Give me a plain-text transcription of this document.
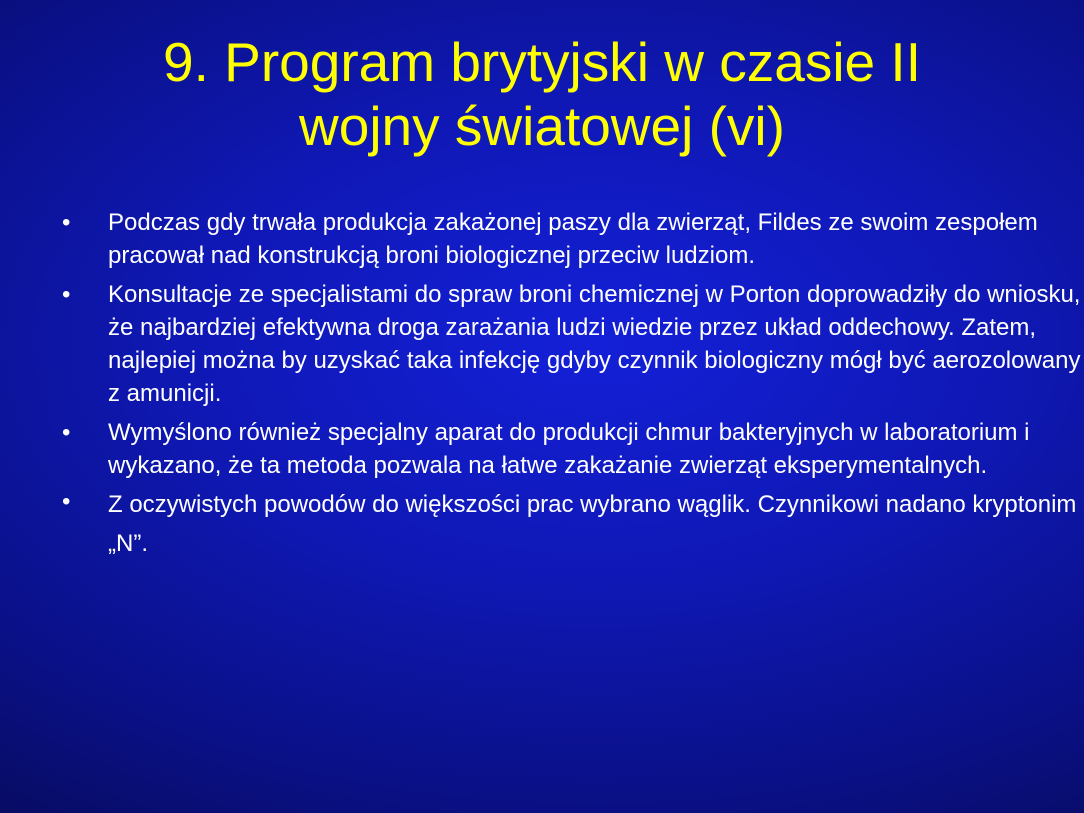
9. Program brytyjski w czasie II
wojny światowej (vi)
• Podczas gdy trwała produkcja zakażonej paszy dla zwierząt, Fildes ze swoim zespołem pracował nad konstrukcją broni biologicznej przeciw ludziom.
• Konsultacje ze specjalistami do spraw broni chemicznej w Porton doprowadziły do wniosku, że najbardziej efektywna droga zarażania ludzi wiedzie przez układ oddechowy. Zatem, najlepiej można by uzyskać taka infekcję gdyby czynnik biologiczny mógł być aerozolowany z amunicji.
• Wymyślono również specjalny aparat do produkcji chmur bakteryjnych w laboratorium i wykazano, że ta metoda pozwala na łatwe zakażanie zwierząt eksperymentalnych.
• Z oczywistych powodów do większości prac wybrano wąglik. Czynnikowi nadano kryptonim „N”.
